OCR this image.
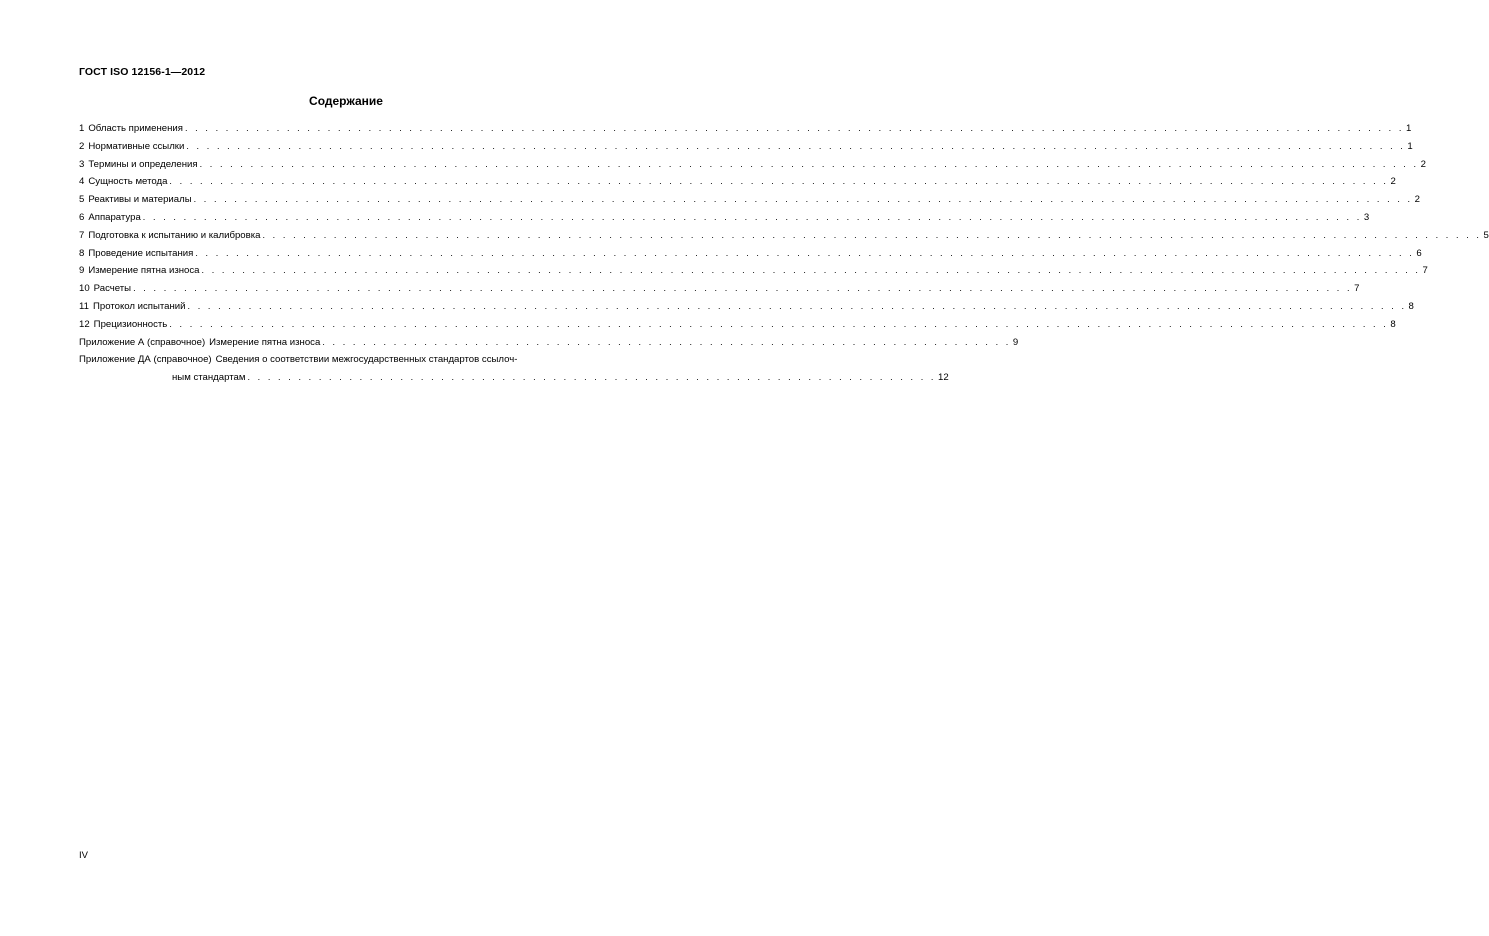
ГОСТ ISO 12156-1—2012
Содержание
1 Область применения . . . . . . . . . . . . . . . . . . . . . . . . . . . . . . . . . . . . . . . . . . . . . . . . . . . . . . . . . . . . . . . . . . . . . . . . . . . . . . . . . . . . . . . . . . . . . . . . . . . . . . . . . . . . . . . . . . . . . . . . 1
2 Нормативные ссылки . . . . . . . . . . . . . . . . . . . . . . . . . . . . . . . . . . . . . . . . . . . . . . . . . . . . . . . . . . . . . . . . . . . . . . . . . . . . . . . . . . . . . . . . . . . . . . . . . . . . . . . . . . . . . . . . . . . . . . . . 1
3 Термины и определения . . . . . . . . . . . . . . . . . . . . . . . . . . . . . . . . . . . . . . . . . . . . . . . . . . . . . . . . . . . . . . . . . . . . . . . . . . . . . . . . . . . . . . . . . . . . . . . . . . . . . . . . . . . . . . . . . . . . . . . . 2
4 Сущность метода . . . . . . . . . . . . . . . . . . . . . . . . . . . . . . . . . . . . . . . . . . . . . . . . . . . . . . . . . . . . . . . . . . . . . . . . . . . . . . . . . . . . . . . . . . . . . . . . . . . . . . . . . . . . . . . . . . . . . . . . 2
5 Реактивы и материалы . . . . . . . . . . . . . . . . . . . . . . . . . . . . . . . . . . . . . . . . . . . . . . . . . . . . . . . . . . . . . . . . . . . . . . . . . . . . . . . . . . . . . . . . . . . . . . . . . . . . . . . . . . . . . . . . . . . . . . . . 2
6 Аппаратура . . . . . . . . . . . . . . . . . . . . . . . . . . . . . . . . . . . . . . . . . . . . . . . . . . . . . . . . . . . . . . . . . . . . . . . . . . . . . . . . . . . . . . . . . . . . . . . . . . . . . . . . . . . . . . . . . . . . . . . . 3
7 Подготовка к испытанию и калибровка . . . . . . . . . . . . . . . . . . . . . . . . . . . . . . . . . . . . . . . . . . . . . . . . . . . . . . . . . . . . . . . . . . . . . . . . . . . . . . . . . . . . . . . . . . . . . . . . . . . . . . . . . . . . . . . . . . . . . . . . 5
8 Проведение испытания . . . . . . . . . . . . . . . . . . . . . . . . . . . . . . . . . . . . . . . . . . . . . . . . . . . . . . . . . . . . . . . . . . . . . . . . . . . . . . . . . . . . . . . . . . . . . . . . . . . . . . . . . . . . . . . . . . . . . . . . 6
9 Измерение пятна износа . . . . . . . . . . . . . . . . . . . . . . . . . . . . . . . . . . . . . . . . . . . . . . . . . . . . . . . . . . . . . . . . . . . . . . . . . . . . . . . . . . . . . . . . . . . . . . . . . . . . . . . . . . . . . . . . . . . . . . . . 7
10 Расчеты . . . . . . . . . . . . . . . . . . . . . . . . . . . . . . . . . . . . . . . . . . . . . . . . . . . . . . . . . . . . . . . . . . . . . . . . . . . . . . . . . . . . . . . . . . . . . . . . . . . . . . . . . . . . . . . . . . . . . . . . 7
11 Протокол испытаний . . . . . . . . . . . . . . . . . . . . . . . . . . . . . . . . . . . . . . . . . . . . . . . . . . . . . . . . . . . . . . . . . . . . . . . . . . . . . . . . . . . . . . . . . . . . . . . . . . . . . . . . . . . . . . . . . . . . . . . . 8
12 Прецизионность . . . . . . . . . . . . . . . . . . . . . . . . . . . . . . . . . . . . . . . . . . . . . . . . . . . . . . . . . . . . . . . . . . . . . . . . . . . . . . . . . . . . . . . . . . . . . . . . . . . . . . . . . . . . . . . . . . . . . . . . 8
Приложение А (справочное) Измерение пятна износа . . . . . . . . . . . . . . . . . . . . . . . . . . . . . . . . . . . . . . . . . . . . . . . . . . . . . . . . . . . . . . . . . . . . 9
Приложение ДА (справочное) Сведения о соответствии межгосударственных стандартов ссылоч-
ным стандартам . . . . . . . . . . . . . . . . . . . . . . . . . . . . . . . . . . . . . . . . . . . . . . . . . . . . . . . . . . . . . . . . . . . . 12
IV
